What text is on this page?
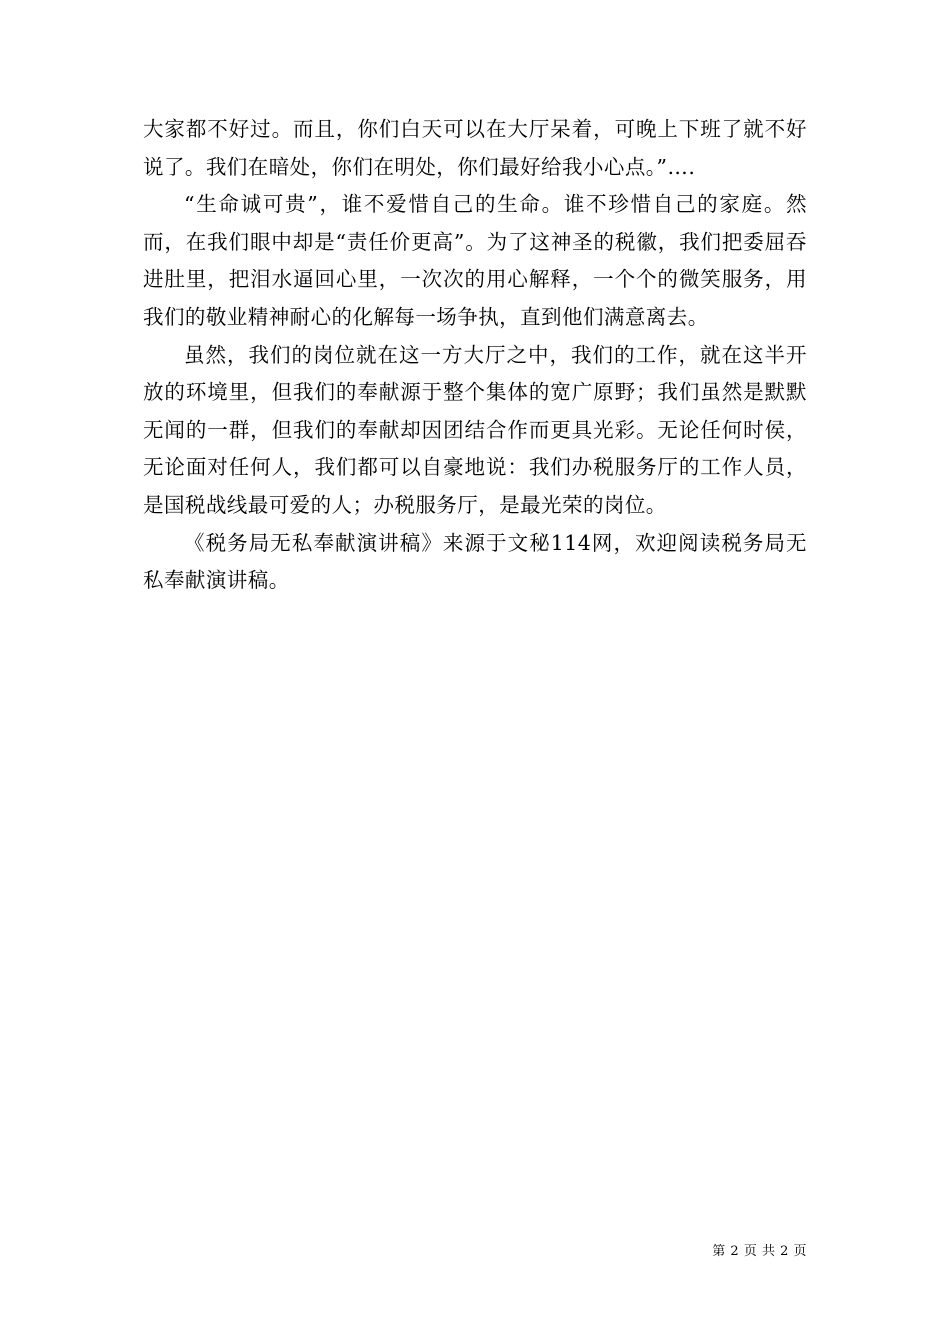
大家都不好过。而且，你们白天可以在大厅呆着，可晚上下班了就不好说了。我们在暗处，你们在明处，你们最好给我小心点。”….

“生命诚可贵”，谁不爱惜自己的生命。谁不珍惜自己的家庭。然而，在我们眼中却是“责任价更高”。为了这神圣的税徽，我们把委屈吞进肚里，把泪水逼回心里，一次次的用心解释，一个个的微笑服务，用我们的敬业精神耐心的化解每一场争执，直到他们满意离去。

虽然，我们的岗位就在这一方大厅之中，我们的工作，就在这半开放的环境里，但我们的奉献源于整个集体的宽广原野；我们虽然是默默无闻的一群，但我们的奉献却因团结合作而更具光彩。无论任何时侯，无论面对任何人，我们都可以自豪地说：我们办税服务厅的工作人员，是国税战线最可爱的人；办税服务厅，是最光荣的岗位。

《税务局无私奉献演讲稿》来源于文秘114网，欢迎阅读税务局无私奉献演讲稿。

第 2 页 共 2 页
